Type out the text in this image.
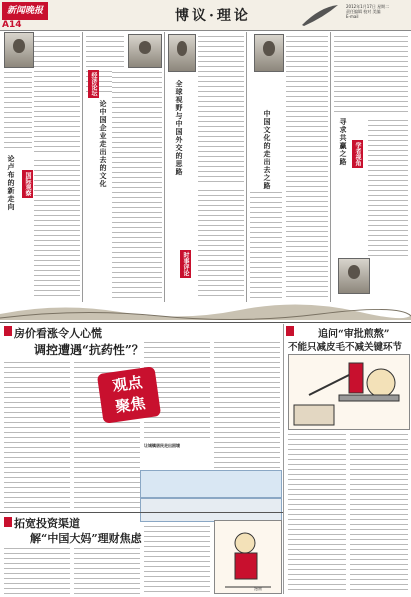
新闻晚报
A14
博议·理论
2012年1月17日 星期二
责任编辑 校对 美编
E-mail
论卢布的新走向	国际观察
经济论坛
论中国企业走出去的文化	全球视野与中国外交的思路
时事评论
中国文化的走出去之路	寻求共赢之路	学者视角
房价看涨令人心慌
调控遭遇“抗药性”？
让城镇居民走出困境
观点
聚焦
追问“审批煎熬”
不能只减皮毛不减关键环节
拓宽投资渠道
解“中国大妈”理财焦虑
漫画
